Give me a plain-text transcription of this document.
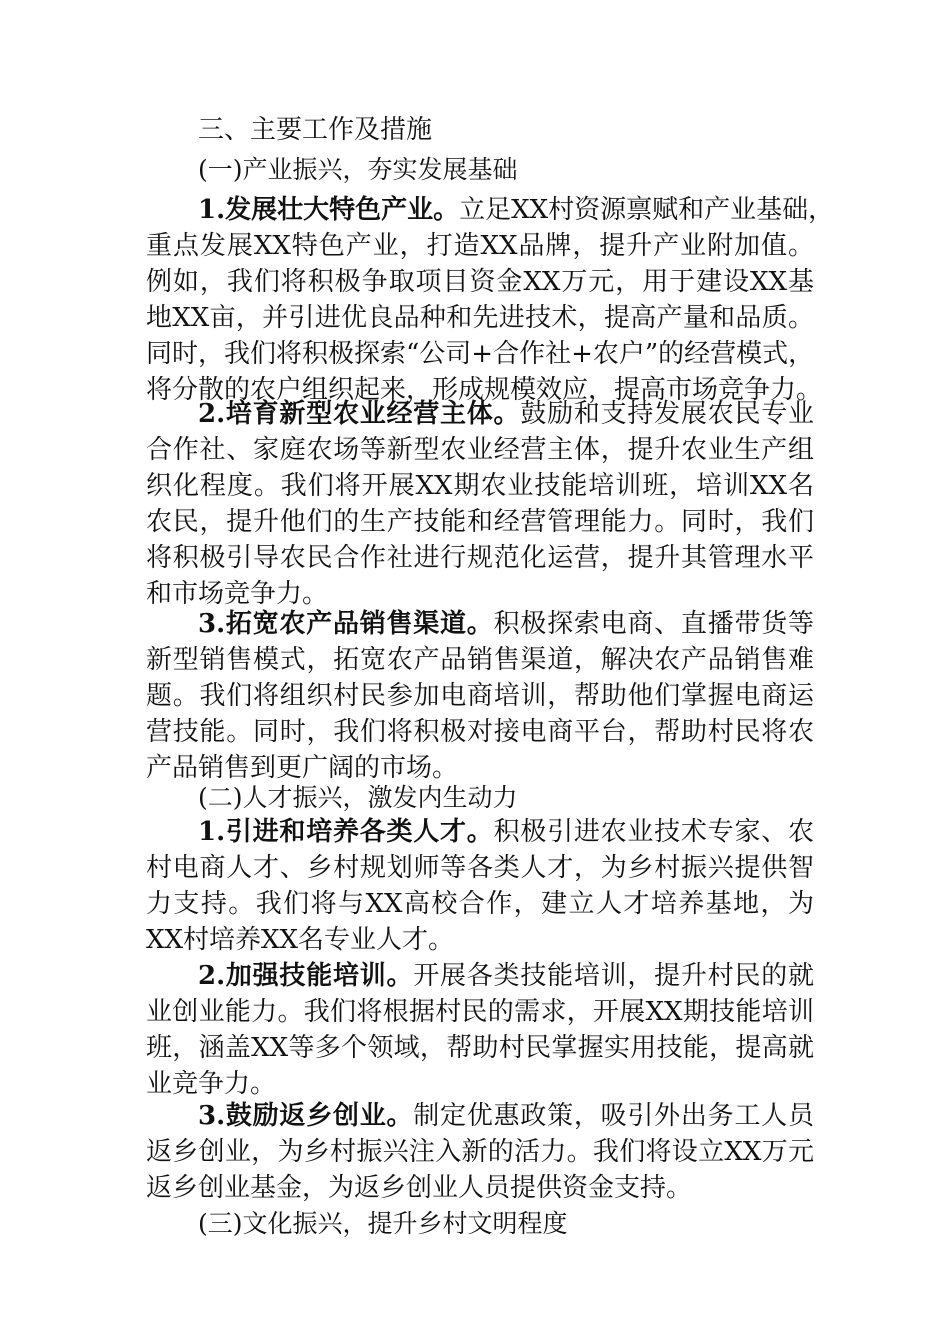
三、主要工作及措施
(一)产业振兴，夯实发展基础
1.发展壮大特色产业。立足XX村资源禀赋和产业基础，
重点发展XX特色产业，打造XX品牌，提升产业附加值。
例如，我们将积极争取项目资金XX万元，用于建设XX基
地XX亩，并引进优良品种和先进技术，提高产量和品质。
同时，我们将积极探索“公司+合作社+农户”的经营模式，
将分散的农户组织起来，形成规模效应，提高市场竞争力。
2.培育新型农业经营主体。鼓励和支持发展农民专业
合作社、家庭农场等新型农业经营主体，提升农业生产组
织化程度。我们将开展XX期农业技能培训班，培训XX名
农民，提升他们的生产技能和经营管理能力。同时，我们
将积极引导农民合作社进行规范化运营，提升其管理水平
和市场竞争力。
3.拓宽农产品销售渠道。积极探索电商、直播带货等
新型销售模式，拓宽农产品销售渠道，解决农产品销售难
题。我们将组织村民参加电商培训，帮助他们掌握电商运
营技能。同时，我们将积极对接电商平台，帮助村民将农
产品销售到更广阔的市场。
(二)人才振兴，激发内生动力
1.引进和培养各类人才。积极引进农业技术专家、农
村电商人才、乡村规划师等各类人才，为乡村振兴提供智
力支持。我们将与XX高校合作，建立人才培养基地，为
XX村培养XX名专业人才。
2.加强技能培训。开展各类技能培训，提升村民的就
业创业能力。我们将根据村民的需求，开展XX期技能培训
班，涵盖XX等多个领域，帮助村民掌握实用技能，提高就
业竞争力。
3.鼓励返乡创业。制定优惠政策，吸引外出务工人员
返乡创业，为乡村振兴注入新的活力。我们将设立XX万元
返乡创业基金，为返乡创业人员提供资金支持。
(三)文化振兴，提升乡村文明程度
